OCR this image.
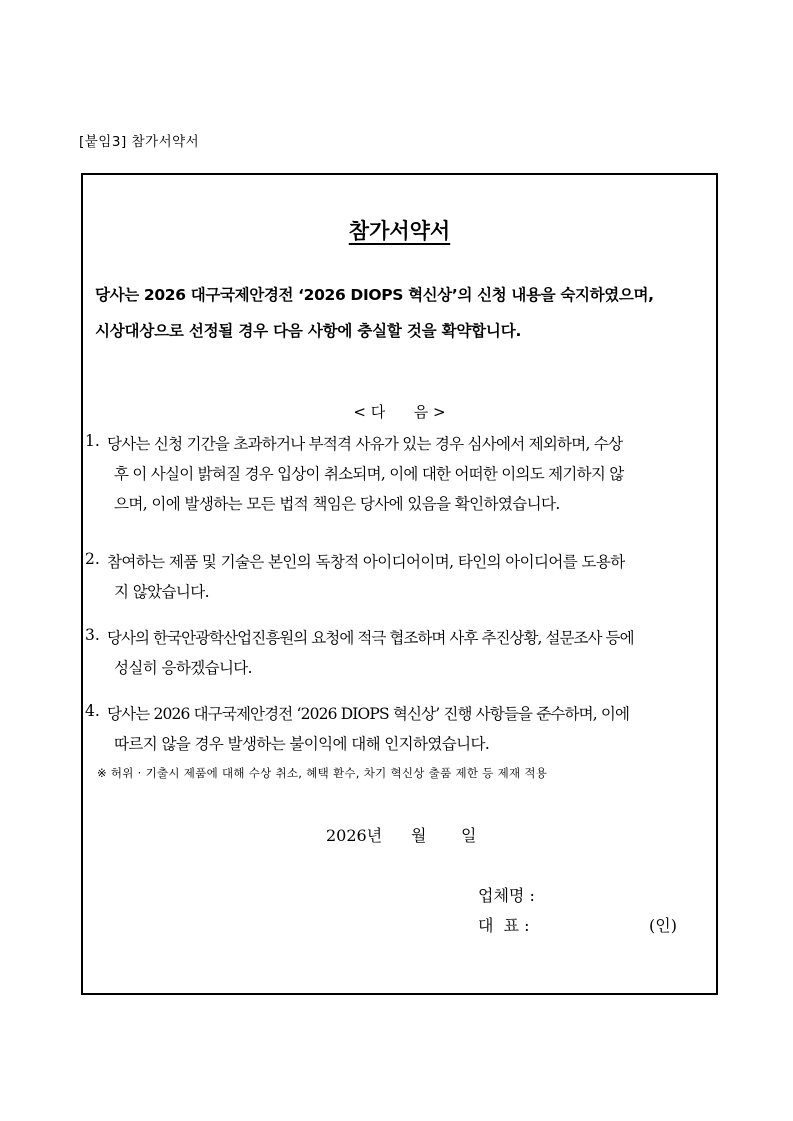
[붙임3] 참가서약서
참가서약서
당사는 2026 대구국제안경전 ‘2026 DIOPS 혁신상’의 신청 내용을 숙지하였으며,
시상대상으로 선정될 경우 다음 사항에 충실할 것을 확약합니다.
< 다      음 >
1. 당사는 신청 기간을 초과하거나 부적격 사유가 있는 경우 심사에서 제외하며, 수상
후 이 사실이 밝혀질 경우 입상이 취소되며, 이에 대한 어떠한 이의도 제기하지 않
으며, 이에 발생하는 모든 법적 책임은 당사에 있음을 확인하였습니다.
2. 참여하는 제품 및 기술은 본인의 독창적 아이디어이며, 타인의 아이디어를 도용하
지 않았습니다.
3. 당사의 한국안광학산업진흥원의 요청에 적극 협조하며 사후 추진상황, 설문조사 등에
성실히 응하겠습니다.
4. 당사는 2026 대구국제안경전 ‘2026 DIOPS 혁신상’ 진행 사항들을 준수하며, 이에
따르지 않을 경우 발생하는 불이익에 대해 인지하였습니다.
※ 허위 · 기출시 제품에 대해 수상 취소, 혜택 환수, 차기 혁신상 출품 제한 등 제재 적용
2026년 월 일
업체명 :
대  표 :	(인)
